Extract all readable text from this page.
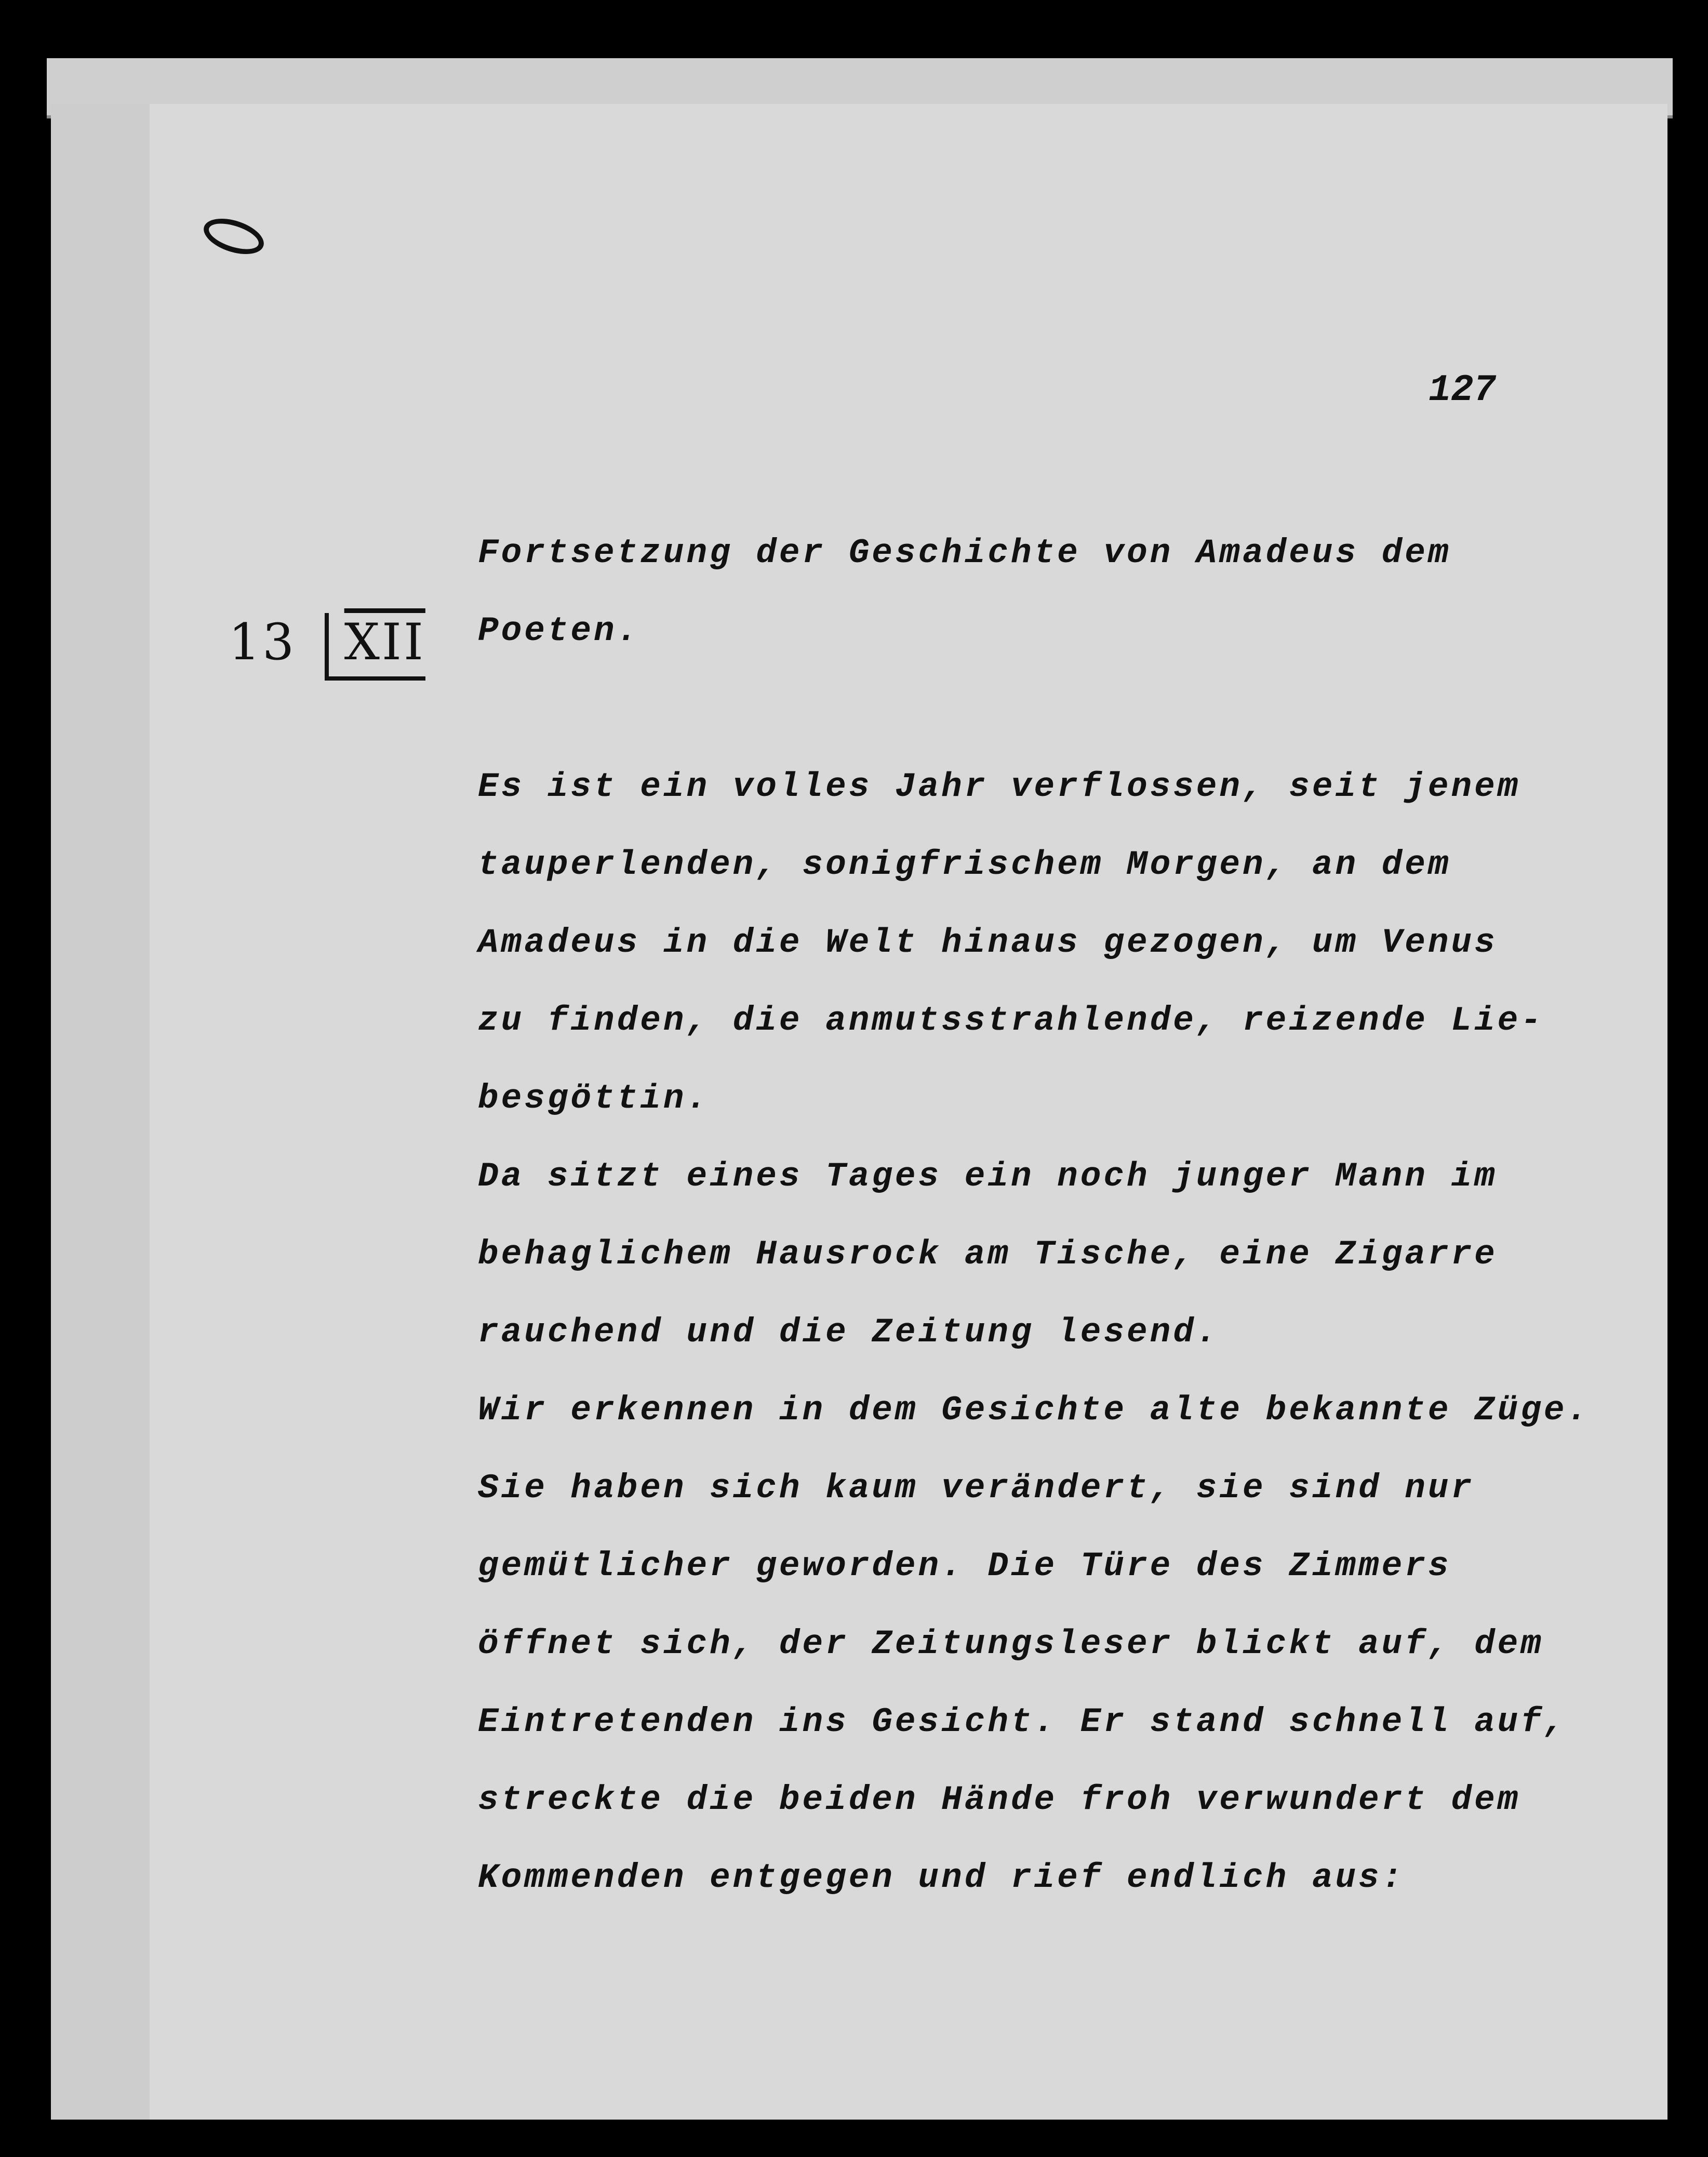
127
13 $\overline{XII}$
Fortsetzung der Geschichte von Amadeus dem
Poeten.
Es ist ein volles Jahr verflossen, seit jenem
tauperlenden, sonigfrischem Morgen, an dem
Amadeus in die Welt hinaus gezogen, um Venus
zu finden, die anmutsstrahlende, reizende Lie-
besgöttin.
Da sitzt eines Tages ein noch junger Mann im
behaglichem Hausrock am Tische, eine Zigarre
rauchend und die Zeitung lesend.
Wir erkennen in dem Gesichte alte bekannte Züge.
Sie haben sich kaum verändert, sie sind nur
gemütlicher geworden. Die Türe des Zimmers
öffnet sich, der Zeitungsleser blickt auf, dem
Eintretenden ins Gesicht. Er stand schnell auf,
streckte die beiden Hände froh verwundert dem
Kommenden entgegen und rief endlich aus:
